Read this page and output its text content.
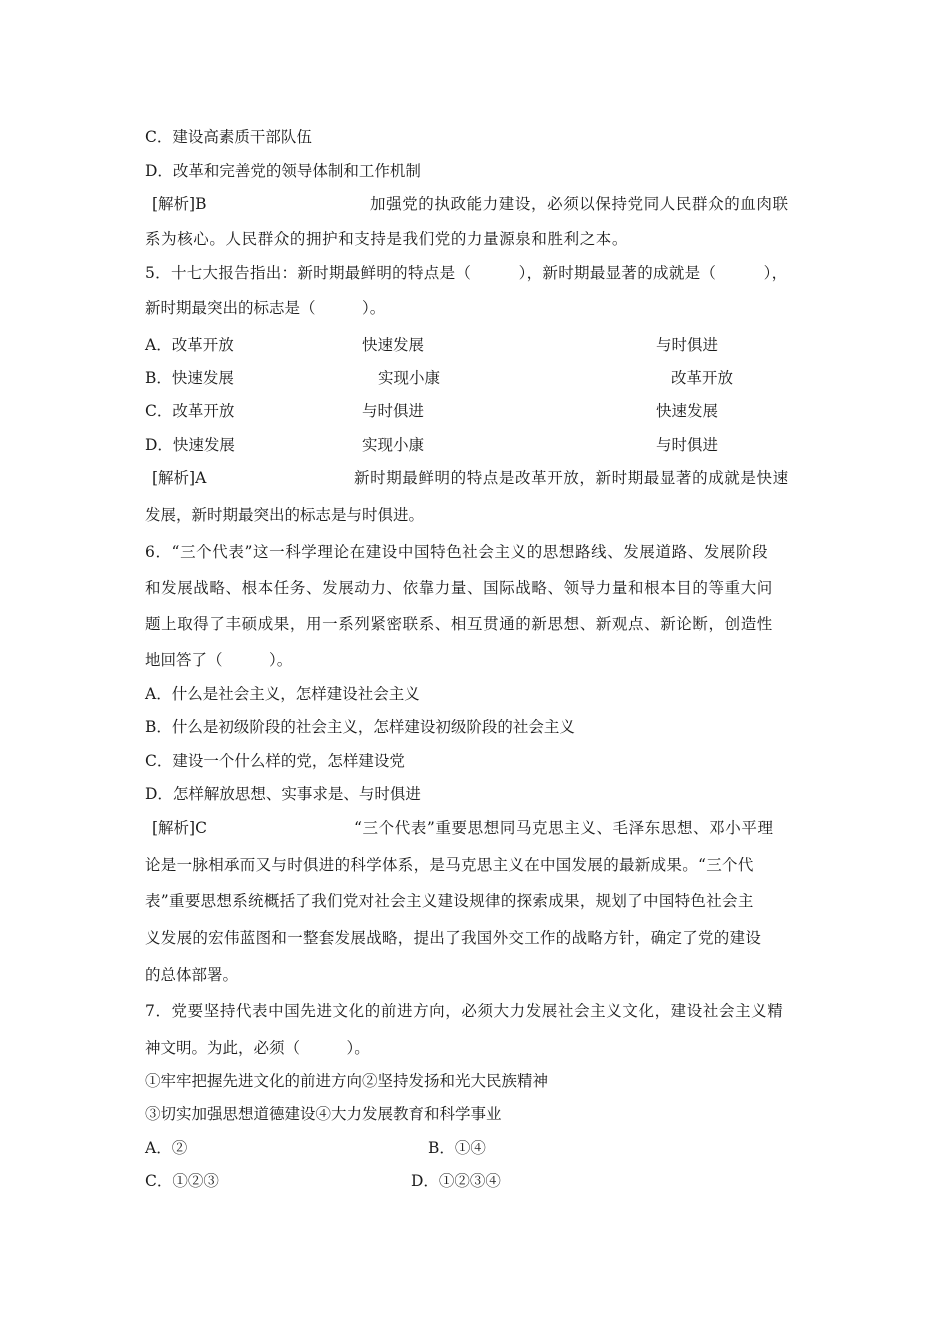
C．建设高素质干部队伍
D．改革和完善党的领导体制和工作机制
[解析]B	加强党的执政能力建设，必须以保持党同人民群众的血肉联
系为核心。人民群众的拥护和支持是我们党的力量源泉和胜利之本。
5．十七大报告指出：新时期最鲜明的特点是（　　　），新时期最显著的成就是（　　　），
新时期最突出的标志是（　　　）。
A．改革开放	快速发展	与时俱进
B．快速发展	实现小康	改革开放
C．改革开放	与时俱进	快速发展
D．快速发展	实现小康	与时俱进
[解析]A	新时期最鲜明的特点是改革开放，新时期最显著的成就是快速
发展，新时期最突出的标志是与时俱进。
6．“三个代表”这一科学理论在建设中国特色社会主义的思想路线、发展道路、发展阶段
和发展战略、根本任务、发展动力、依靠力量、国际战略、领导力量和根本目的等重大问
题上取得了丰硕成果，用一系列紧密联系、相互贯通的新思想、新观点、新论断，创造性
地回答了（　　　）。
A．什么是社会主义，怎样建设社会主义
B．什么是初级阶段的社会主义，怎样建设初级阶段的社会主义
C．建设一个什么样的党，怎样建设党
D．怎样解放思想、实事求是、与时俱进
[解析]C	“三个代表”重要思想同马克思主义、毛泽东思想、邓小平理
论是一脉相承而又与时俱进的科学体系，是马克思主义在中国发展的最新成果。“三个代
表”重要思想系统概括了我们党对社会主义建设规律的探索成果，规划了中国特色社会主
义发展的宏伟蓝图和一整套发展战略，提出了我国外交工作的战略方针，确定了党的建设
的总体部署。
7．党要坚持代表中国先进文化的前进方向，必须大力发展社会主义文化，建设社会主义精
神文明。为此，必须（　　　）。
①牢牢把握先进文化的前进方向②坚持发扬和光大民族精神
③切实加强思想道德建设④大力发展教育和科学事业
A．②	B．①④
C．①②③	D．①②③④
